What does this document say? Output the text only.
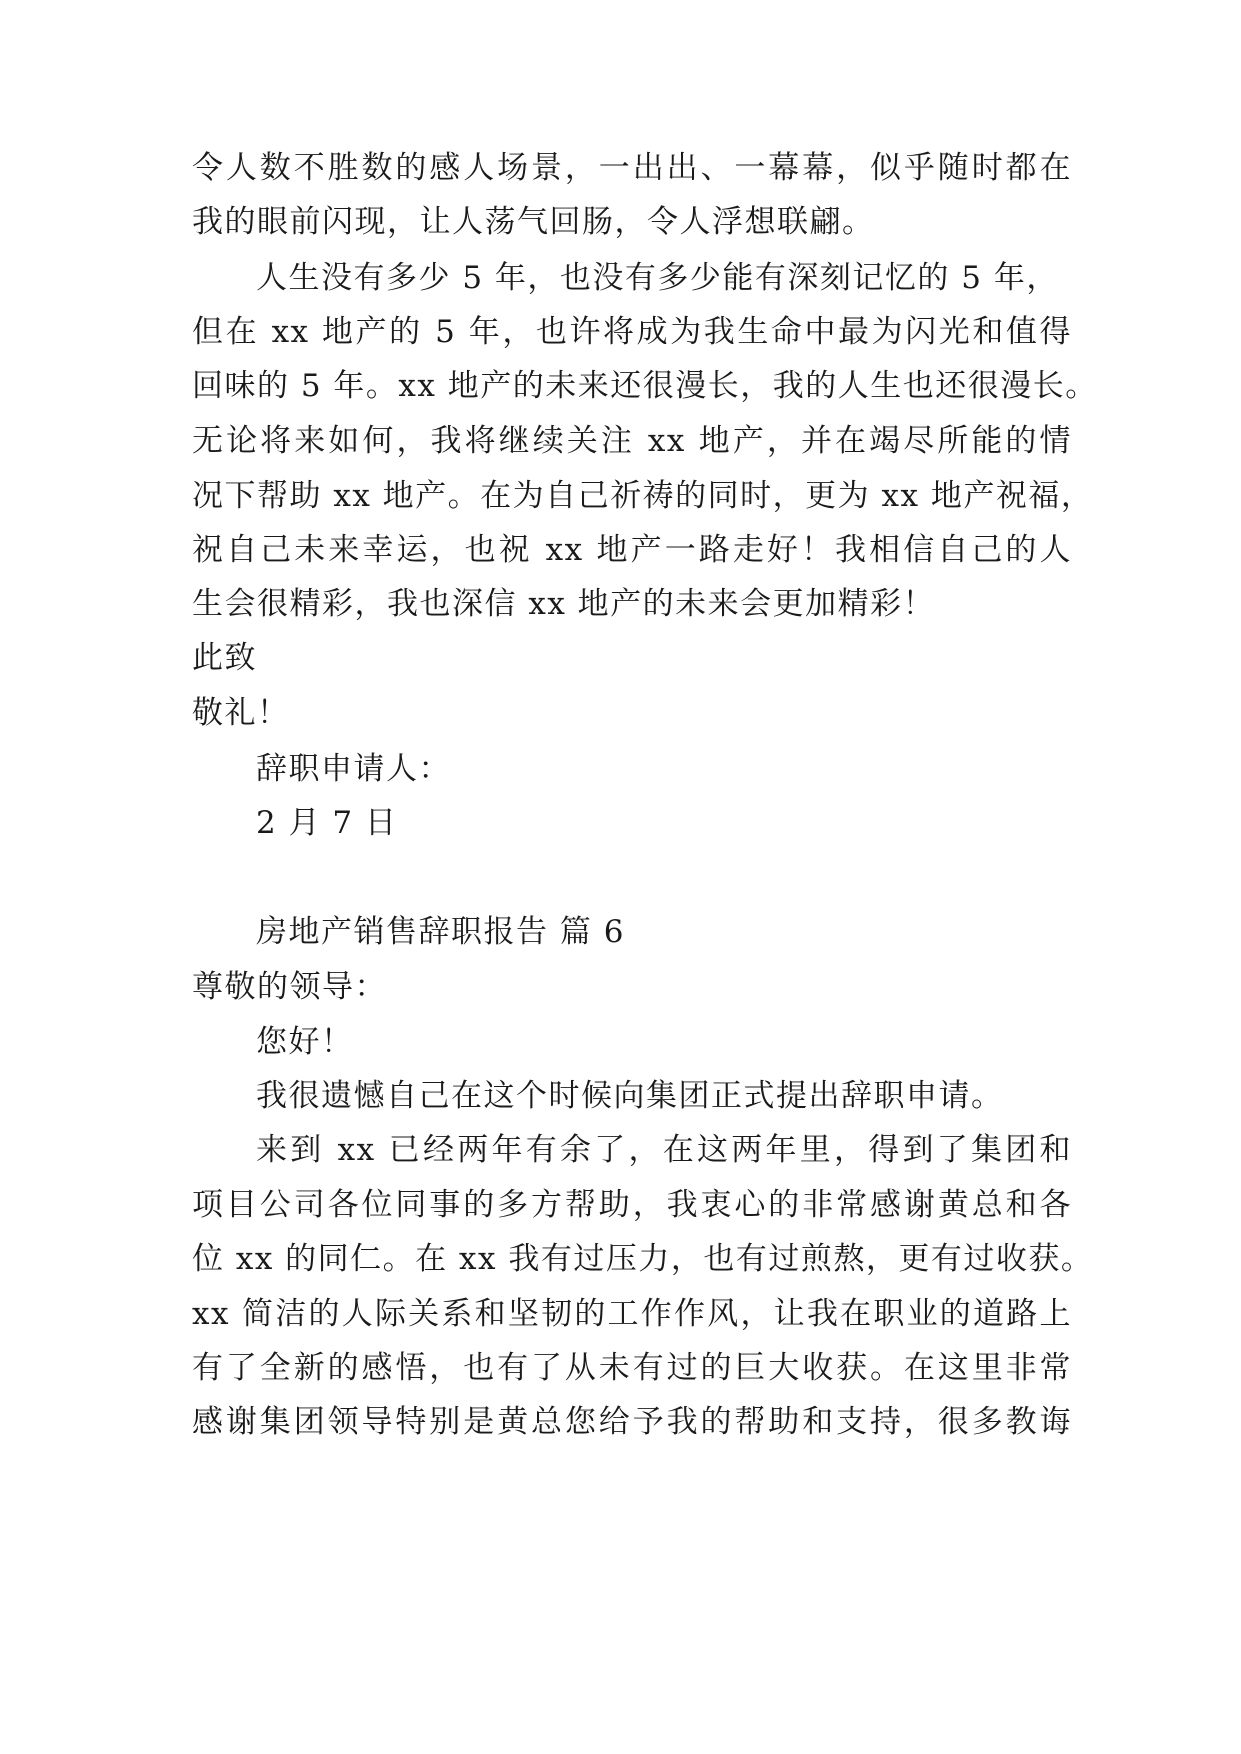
令人数不胜数的感人场景，一出出、一幕幕，似乎随时都在
我的眼前闪现，让人荡气回肠，令人浮想联翩。
人生没有多少 5 年，也没有多少能有深刻记忆的 5 年，
但在 xx 地产的 5 年，也许将成为我生命中最为闪光和值得
回味的 5 年。xx 地产的未来还很漫长，我的人生也还很漫长。
无论将来如何，我将继续关注 xx 地产，并在竭尽所能的情
况下帮助 xx 地产。在为自己祈祷的同时，更为 xx 地产祝福，
祝自己未来幸运，也祝 xx 地产一路走好！我相信自己的人
生会很精彩，我也深信 xx 地产的未来会更加精彩！
此致
敬礼！
辞职申请人：
2 月 7 日
房地产销售辞职报告 篇 6
尊敬的领导：
您好！
我很遗憾自己在这个时候向集团正式提出辞职申请。
来到 xx 已经两年有余了，在这两年里，得到了集团和
项目公司各位同事的多方帮助，我衷心的非常感谢黄总和各
位 xx 的同仁。在 xx 我有过压力，也有过煎熬，更有过收获。
xx 简洁的人际关系和坚韧的工作作风，让我在职业的道路上
有了全新的感悟，也有了从未有过的巨大收获。在这里非常
感谢集团领导特别是黄总您给予我的帮助和支持，很多教诲
